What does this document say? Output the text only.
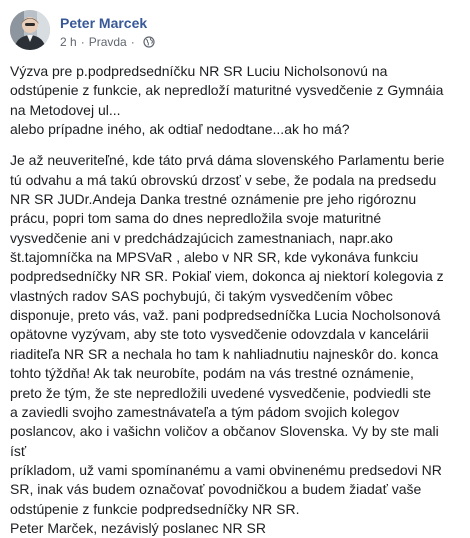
Peter Marcek
2 h · Pravda ·
Výzva pre p.podpredsedníčku NR SR Luciu Nicholsonovú na
odstúpenie z funkcie, ak nepredloží maturitné vysvedčenie z Gymnáia
na Metodovej ul...
alebo prípadne iného, ak odtiaľ nedodtane...ak ho má?
Je až neuveriteľné, kde táto prvá dáma slovenského Parlamentu berie
tú odvahu a má takú obrovskú drzosť v sebe, že podala na predsedu
NR SR JUDr.Andeja Danka trestné oznámenie pre jeho rigóroznu
prácu, popri tom sama do dnes nepredložila svoje maturitné
vysvedčenie ani v predchádzajúcich zamestnaniach, napr.ako
št.tajomníčka na MPSVaR , alebo v NR SR, kde vykonáva funkciu
podpredsedníčky NR SR. Pokiaľ viem, dokonca aj niektorí kolegovia z
vlastných radov SAS pochybujú, či takým vysvedčením vôbec
disponuje, preto vás, važ. pani podpredsedníčka Lucia Nocholsonová
opätovne vyzývam, aby ste toto vysvedčenie odovzdala v kancelárii
riaditeľa NR SR a nechala ho tam k nahliadnutiu najneskôr do. konca
tohto týždňa! Ak tak neurobíte, podám na vás trestné oznámenie,
preto že tým, že ste nepredložili uvedené vysvedčenie, podviedli ste
a zaviedli svojho zamestnávateľa a tým pádom svojich kolegov
poslancov, ako i vašichn voličov a občanov Slovenska. Vy by ste mali
ísť
príkladom, už vami spomínanému a vami obvinenému predsedovi NR
SR, inak vás budem označovať povodničkou a budem žiadať vaše
odstúpenie z funkcie podpredsedníčky NR SR.
Peter Marček, nezávislý poslanec NR SR
